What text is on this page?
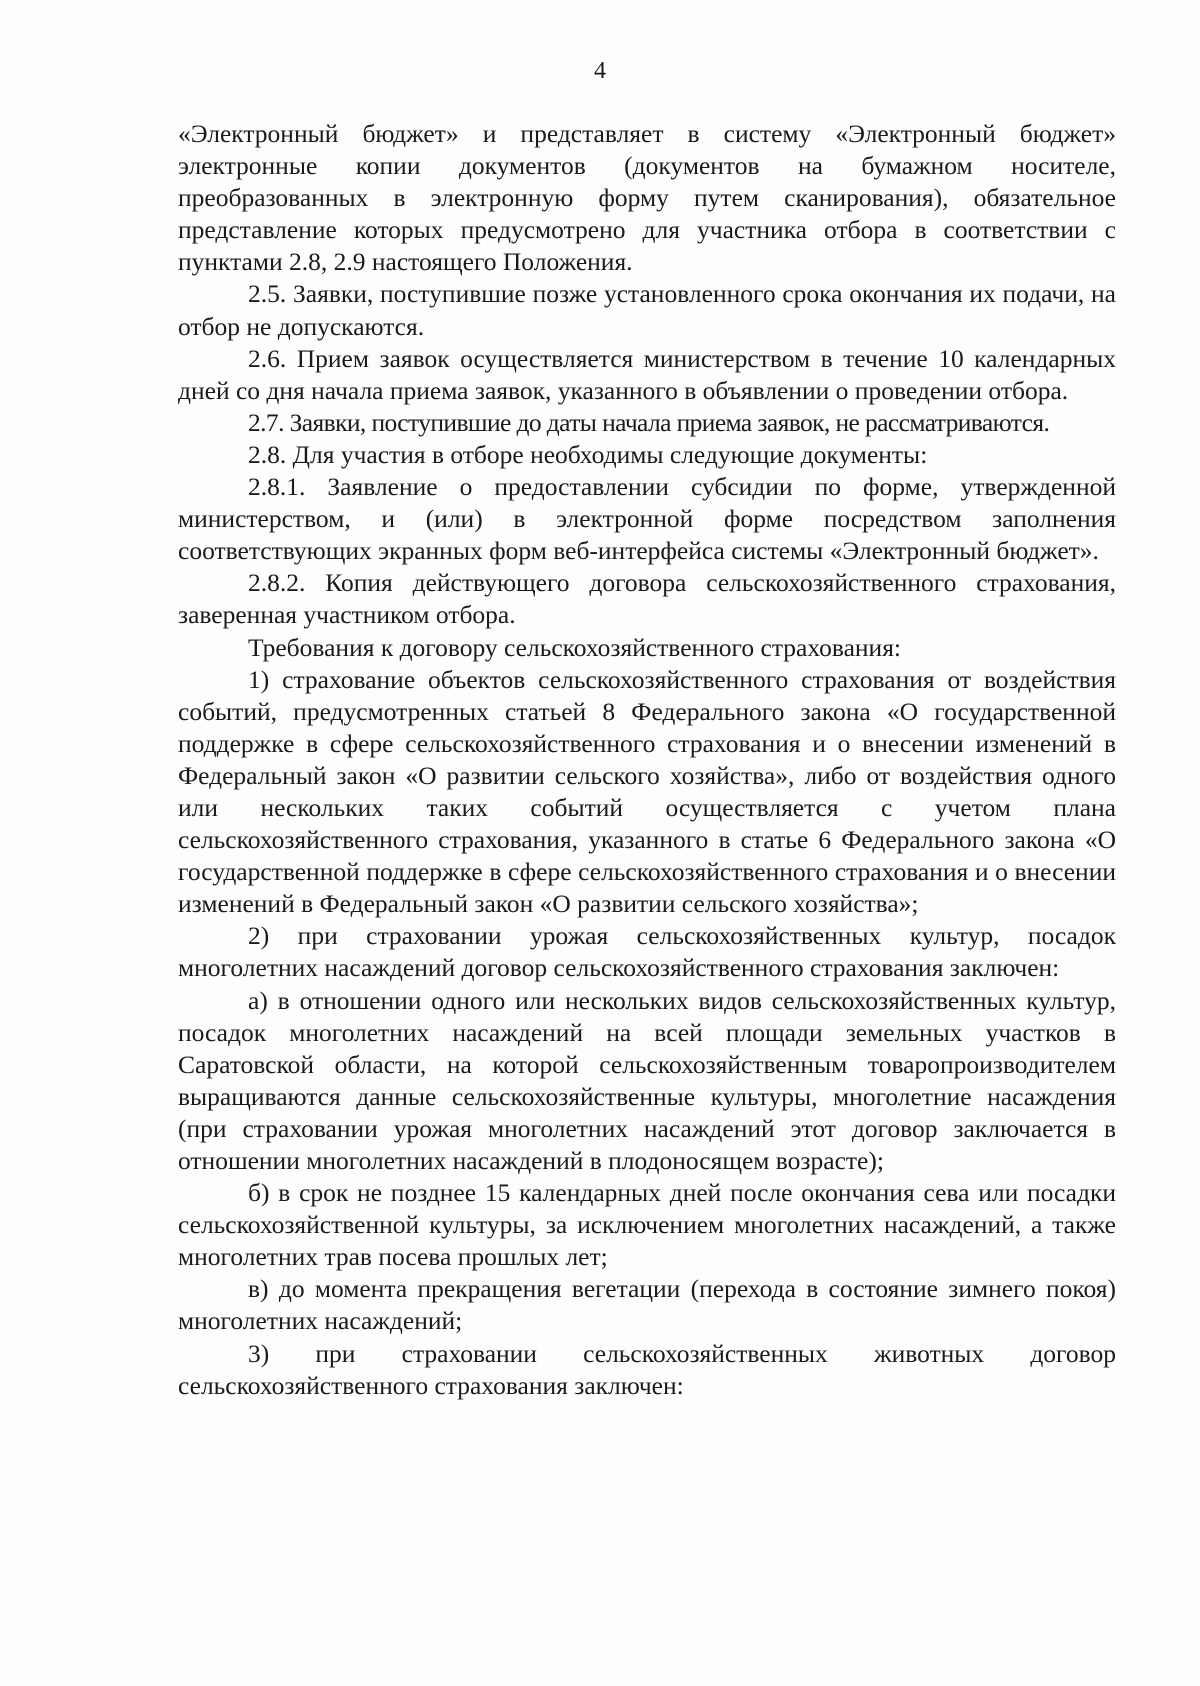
4

«Электронный бюджет» и представляет в систему «Электронный бюджет» электронные копии документов (документов на бумажном носителе, преобразованных в электронную форму путем сканирования), обязательное представление которых предусмотрено для участника отбора в соответствии с пунктами 2.8, 2.9 настоящего Положения.

2.5. Заявки, поступившие позже установленного срока окончания их подачи, на отбор не допускаются.

2.6. Прием заявок осуществляется министерством в течение 10 календарных дней со дня начала приема заявок, указанного в объявлении о проведении отбора.

2.7. Заявки, поступившие до даты начала приема заявок, не рассматриваются.

2.8. Для участия в отборе необходимы следующие документы:

2.8.1. Заявление о предоставлении субсидии по форме, утвержденной министерством, и (или) в электронной форме посредством заполнения соответствующих экранных форм веб-интерфейса системы «Электронный бюджет».

2.8.2. Копия действующего договора сельскохозяйственного страхования, заверенная участником отбора.

Требования к договору сельскохозяйственного страхования:

1) страхование объектов сельскохозяйственного страхования от воздействия событий, предусмотренных статьей 8 Федерального закона «О государственной поддержке в сфере сельскохозяйственного страхования и о внесении изменений в Федеральный закон «О развитии сельского хозяйства», либо от воздействия одного или нескольких таких событий осуществляется с учетом плана сельскохозяйственного страхования, указанного в статье 6 Федерального закона «О государственной поддержке в сфере сельскохозяйственного страхования и о внесении изменений в Федеральный закон «О развитии сельского хозяйства»;

2) при страховании урожая сельскохозяйственных культур, посадок многолетних насаждений договор сельскохозяйственного страхования заключен:

а) в отношении одного или нескольких видов сельскохозяйственных культур, посадок многолетних насаждений на всей площади земельных участков в Саратовской области, на которой сельскохозяйственным товаропроизводителем выращиваются данные сельскохозяйственные культуры, многолетние насаждения (при страховании урожая многолетних насаждений этот договор заключается в отношении многолетних насаждений в плодоносящем возрасте);

б) в срок не позднее 15 календарных дней после окончания сева или посадки сельскохозяйственной культуры, за исключением многолетних насаждений, а также многолетних трав посева прошлых лет;

в) до момента прекращения вегетации (перехода в состояние зимнего покоя) многолетних насаждений;

3) при страховании сельскохозяйственных животных договор сельскохозяйственного страхования заключен:
